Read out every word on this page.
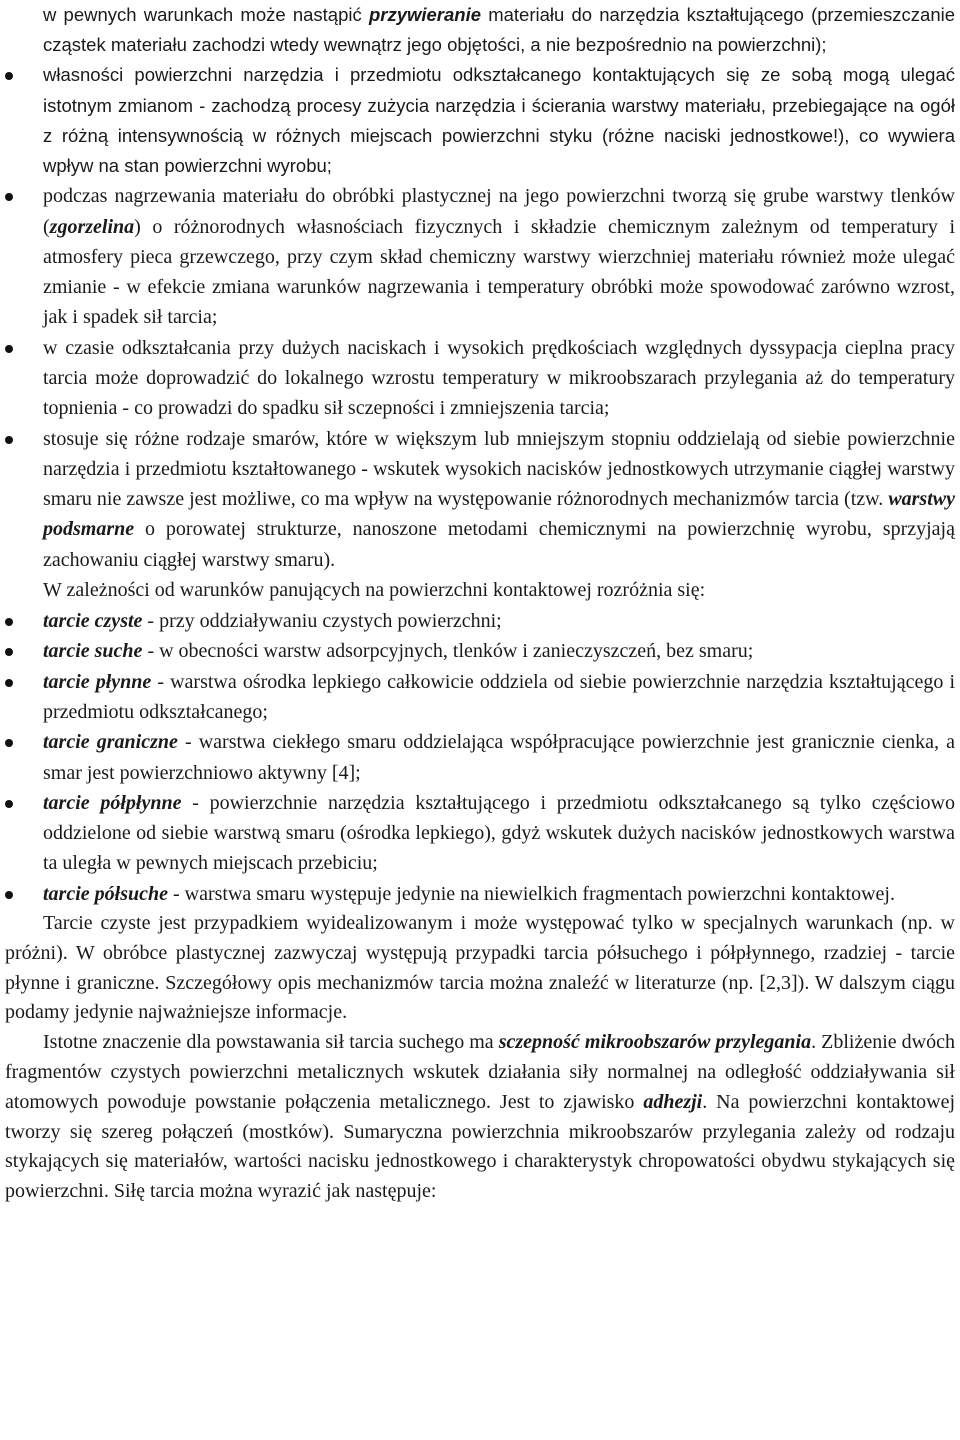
w pewnych warunkach może nastąpić przywieranie materiału do narzędzia kształtującego (przemieszczanie cząstek materiału zachodzi wtedy wewnątrz jego objętości, a nie bezpośrednio na powierzchni);
własności powierzchni narzędzia i przedmiotu odkształcanego kontaktujących się ze sobą mogą ulegać istotnym zmianom - zachodzą procesy zużycia narzędzia i ścierania warstwy materiału, przebiegające na ogół z różną intensywnością w różnych miejscach powierzchni styku (różne naciski jednostkowe!), co wywiera wpływ na stan powierzchni wyrobu;
podczas nagrzewania materiału do obróbki plastycznej na jego powierzchni tworzą się grube warstwy tlenków (zgorzelina) o różnorodnych własnościach fizycznych i składzie chemicznym zależnym od temperatury i atmosfery pieca grzewczego, przy czym skład chemiczny warstwy wierzchniej materiału również może ulegać zmianie - w efekcie zmiana warunków nagrzewania i temperatury obróbki może spowodować zarówno wzrost, jak i spadek sił tarcia;
w czasie odkształcania przy dużych naciskach i wysokich prędkościach względnych dyssypacja cieplna pracy tarcia może doprowadzić do lokalnego wzrostu temperatury w mikroobszarach przylegania aż do temperatury topnienia - co prowadzi do spadku sił sczepności i zmniejszenia tarcia;
stosuje się różne rodzaje smarów, które w większym lub mniejszym stopniu oddzielają od siebie powierzchnie narzędzia i przedmiotu kształtowanego - wskutek wysokich nacisków jednostkowych utrzymanie ciągłej warstwy smaru nie zawsze jest możliwe, co ma wpływ na występowanie różnorodnych mechanizmów tarcia (tzw. warstwy podsmarne o porowatej strukturze, nanoszone metodami chemicznymi na powierzchnię wyrobu, sprzyjają zachowaniu ciągłej warstwy smaru).

W zależności od warunków panujących na powierzchni kontaktowej rozróżnia się:

tarcie czyste - przy oddziaływaniu czystych powierzchni;
tarcie suche - w obecności warstw adsorpcyjnych, tlenków i zanieczyszczeń, bez smaru;
tarcie płynne - warstwa ośrodka lepkiego całkowicie oddziela od siebie powierzchnie narzędzia kształtującego i przedmiotu odkształcanego;
tarcie graniczne - warstwa ciekłego smaru oddzielająca współpracujące powierzchnie jest granicznie cienka, a smar jest powierzchniowo aktywny [4];
tarcie półpłynne - powierzchnie narzędzia kształtującego i przedmiotu odkształcanego są tylko częściowo oddzielone od siebie warstwą smaru (ośrodka lepkiego), gdyż wskutek dużych nacisków jednostkowych warstwa ta uległa w pewnych miejscach przebiciu;
tarcie półsuche - warstwa smaru występuje jedynie na niewielkich fragmentach powierzchni kontaktowej.

Tarcie czyste jest przypadkiem wyidealizowanym i może występować tylko w specjalnych warunkach (np. w próżni). W obróbce plastycznej zazwyczaj występują przypadki tarcia półsuchego i półpłynnego, rzadziej - tarcie płynne i graniczne. Szczegółowy opis mechanizmów tarcia można znaleźć w literaturze (np. [2,3]). W dalszym ciągu podamy jedynie najważniejsze informacje.

Istotne znaczenie dla powstawania sił tarcia suchego ma sczepność mikroobszarów przylegania. Zbliżenie dwóch fragmentów czystych powierzchni metalicznych wskutek działania siły normalnej na odległość oddziaływania sił atomowych powoduje powstanie połączenia metalicznego. Jest to zjawisko adhezji. Na powierzchni kontaktowej tworzy się szereg połączeń (mostków). Sumaryczna powierzchnia mikroobszarów przylegania zależy od rodzaju stykających się materiałów, wartości nacisku jednostkowego i charakterystyk chropowatości obydwu stykających się powierzchni. Siłę tarcia można wyrazić jak następuje:
